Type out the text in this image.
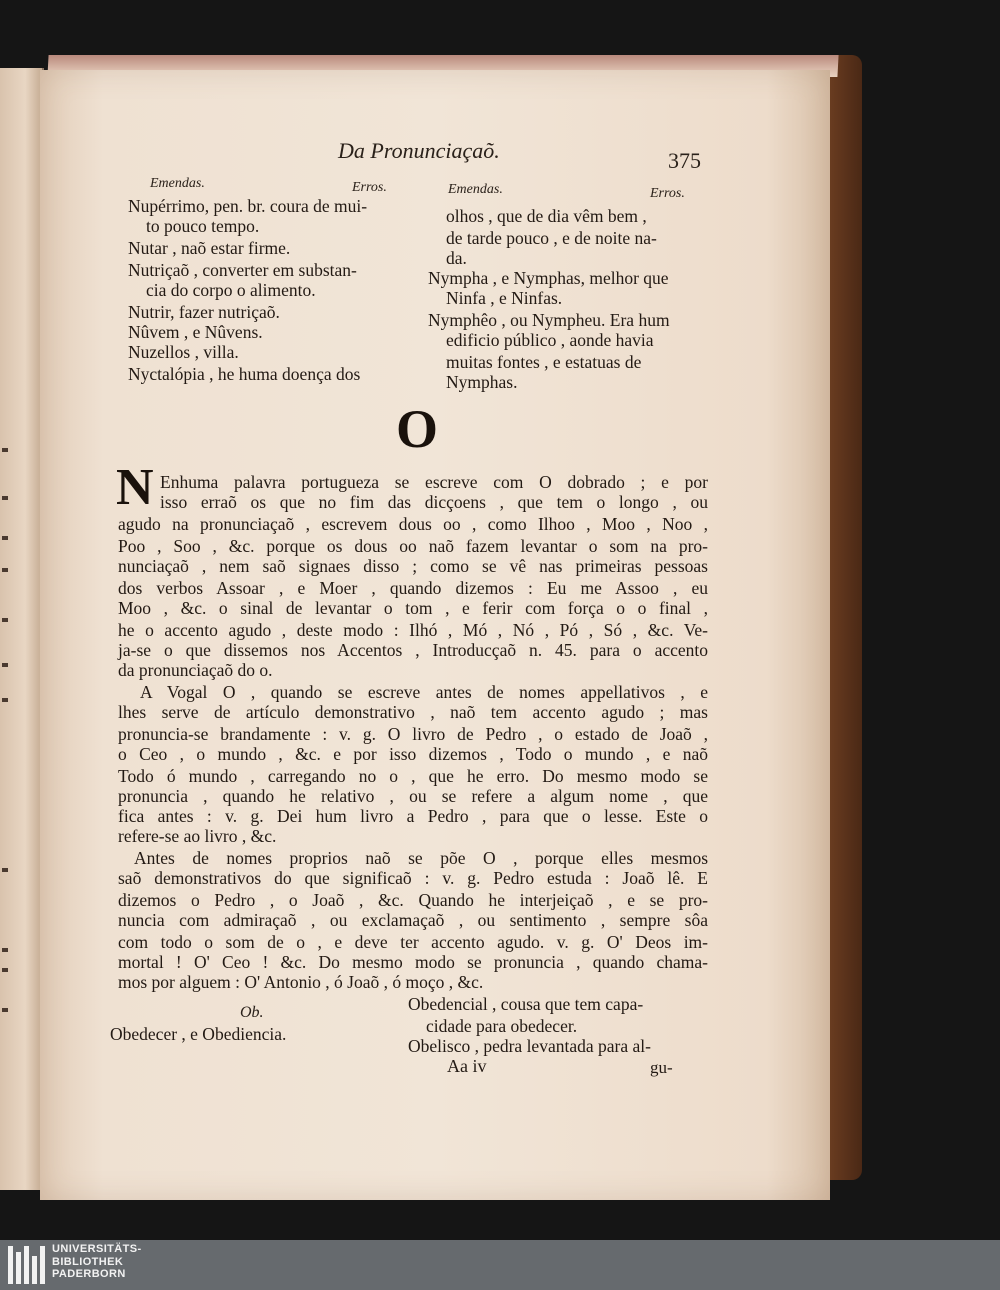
Da Pronunciaçaõ.	375
Emendas.	Erros.	Emendas.	Erros.
Nupérrimo, pen. br. coura de mui-
to pouco tempo.
Nutar , naõ estar firme.
Nutriçaõ , converter em substan-
cia do corpo o alimento.
Nutrir, fazer nutriçaõ.
Nûvem , e Nûvens.
Nuzellos , villa.
Nyctalópia , he huma doença dos
olhos , que de dia vêm bem ,
de tarde pouco , e de noite na-
da.
Nympha , e Nymphas, melhor que
Ninfa , e Ninfas.
Nymphêo , ou Nympheu. Era hum
edificio público , aonde havia
muitas fontes , e estatuas de
Nymphas.
O
N Enhuma palavra portugueza se escreve com O dobrado ; e por
isso erraõ os que no fim das dicçoens , que tem o longo , ou
agudo na pronunciaçaõ , escrevem dous oo , como Ilhoo , Moo , Noo ,
Poo , Soo , &c. porque os dous oo naõ fazem levantar o som na pro-
nunciaçaõ , nem saõ signaes disso ; como se vê nas primeiras pessoas
dos verbos Assoar , e Moer , quando dizemos : Eu me Assoo , eu
Moo , &c. o sinal de levantar o tom , e ferir com força o o final ,
he o accento agudo , deste modo : Ilhó , Mó , Nó , Pó , Só , &c. Ve-
ja-se o que dissemos nos Accentos , Introducçaõ n. 45. para o accento
da pronunciaçaõ do o.
A Vogal O , quando se escreve antes de nomes appellativos , e
lhes serve de artículo demonstrativo , naõ tem accento agudo ; mas
pronuncia-se brandamente : v. g. O livro de Pedro , o estado de Joaõ ,
o Ceo , o mundo , &c. e por isso dizemos , Todo o mundo , e naõ
Todo ó mundo , carregando no o , que he erro. Do mesmo modo se
pronuncia , quando he relativo , ou se refere a algum nome , que
fica antes : v. g. Dei hum livro a Pedro , para que o lesse. Este o
refere-se ao livro , &c.
Antes de nomes proprios naõ se põe O , porque elles mesmos
saõ demonstrativos do que significaõ : v. g. Pedro estuda : Joaõ lê. E
dizemos o Pedro , o Joaõ , &c. Quando he interjeiçaõ , e se pro-
nuncia com admiraçaõ , ou exclamaçaõ , ou sentimento , sempre sôa
com todo o som de o , e deve ter accento agudo. v. g. O' Deos im-
mortal ! O' Ceo ! &c. Do mesmo modo se pronuncia , quando chama-
mos por alguem : O' Antonio , ó Joaõ , ó moço , &c.
Ob.
Obedecer , e Obediencia.
Obedencial , cousa que tem capa-
cidade para obedecer.
Obelisco , pedra levantada para al-
Aa iv	gu-
UNIVERSITÄTS-
BIBLIOTHEK
PADERBORN
